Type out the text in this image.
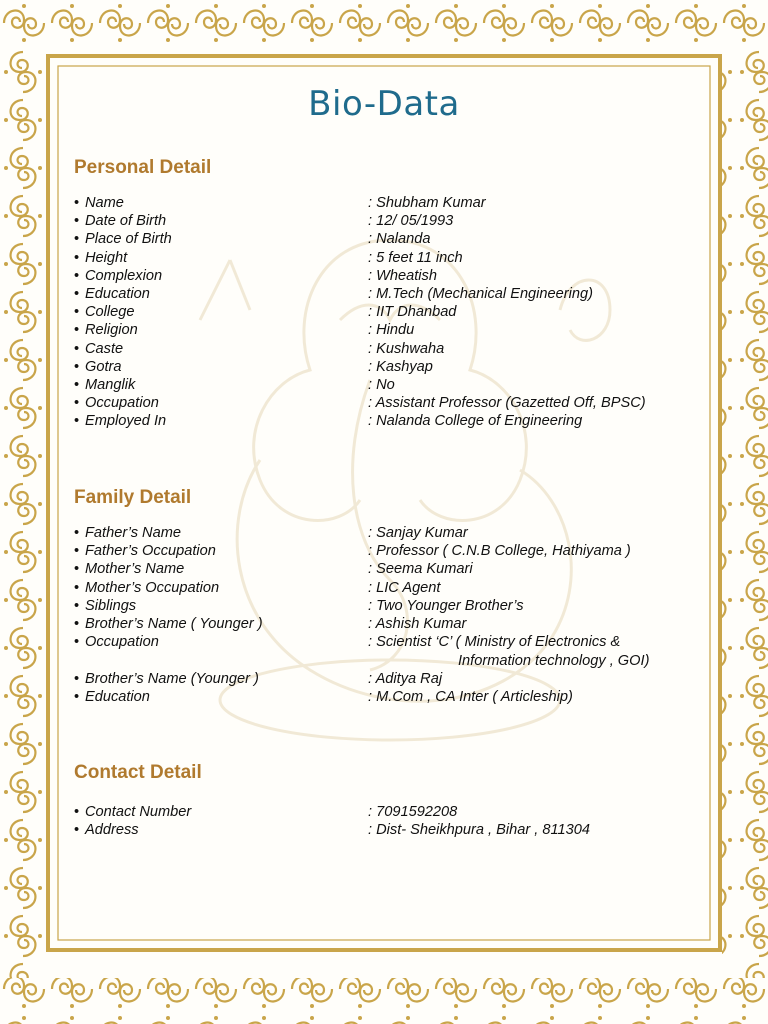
Bio-Data
Personal Detail
• Name	: Shubham Kumar
• Date of Birth	: 12/ 05/1993
• Place of Birth	: Nalanda
• Height	: 5 feet 11 inch
• Complexion	: Wheatish
• Education	: M.Tech (Mechanical Engineering)
• College	: IIT Dhanbad
• Religion	: Hindu
• Caste	: Kushwaha
• Gotra	: Kashyap
• Manglik	: No
• Occupation	: Assistant Professor (Gazetted Off, BPSC)
• Employed In	: Nalanda College of Engineering
Family Detail
• Father’s Name	: Sanjay Kumar
• Father’s Occupation	: Professor ( C.N.B College, Hathiyama )
• Mother’s Name	: Seema Kumari
• Mother’s Occupation	: LIC Agent
• Siblings	: Two Younger Brother’s
• Brother’s Name ( Younger )	: Ashish Kumar
• Occupation	: Scientist ‘C’ ( Ministry of Electronics &
Information technology , GOI)
• Brother’s Name (Younger )	: Aditya Raj
• Education	: M.Com , CA Inter ( Articleship)
Contact Detail
• Contact Number	: 7091592208
• Address	: Dist- Sheikhpura , Bihar , 811304
